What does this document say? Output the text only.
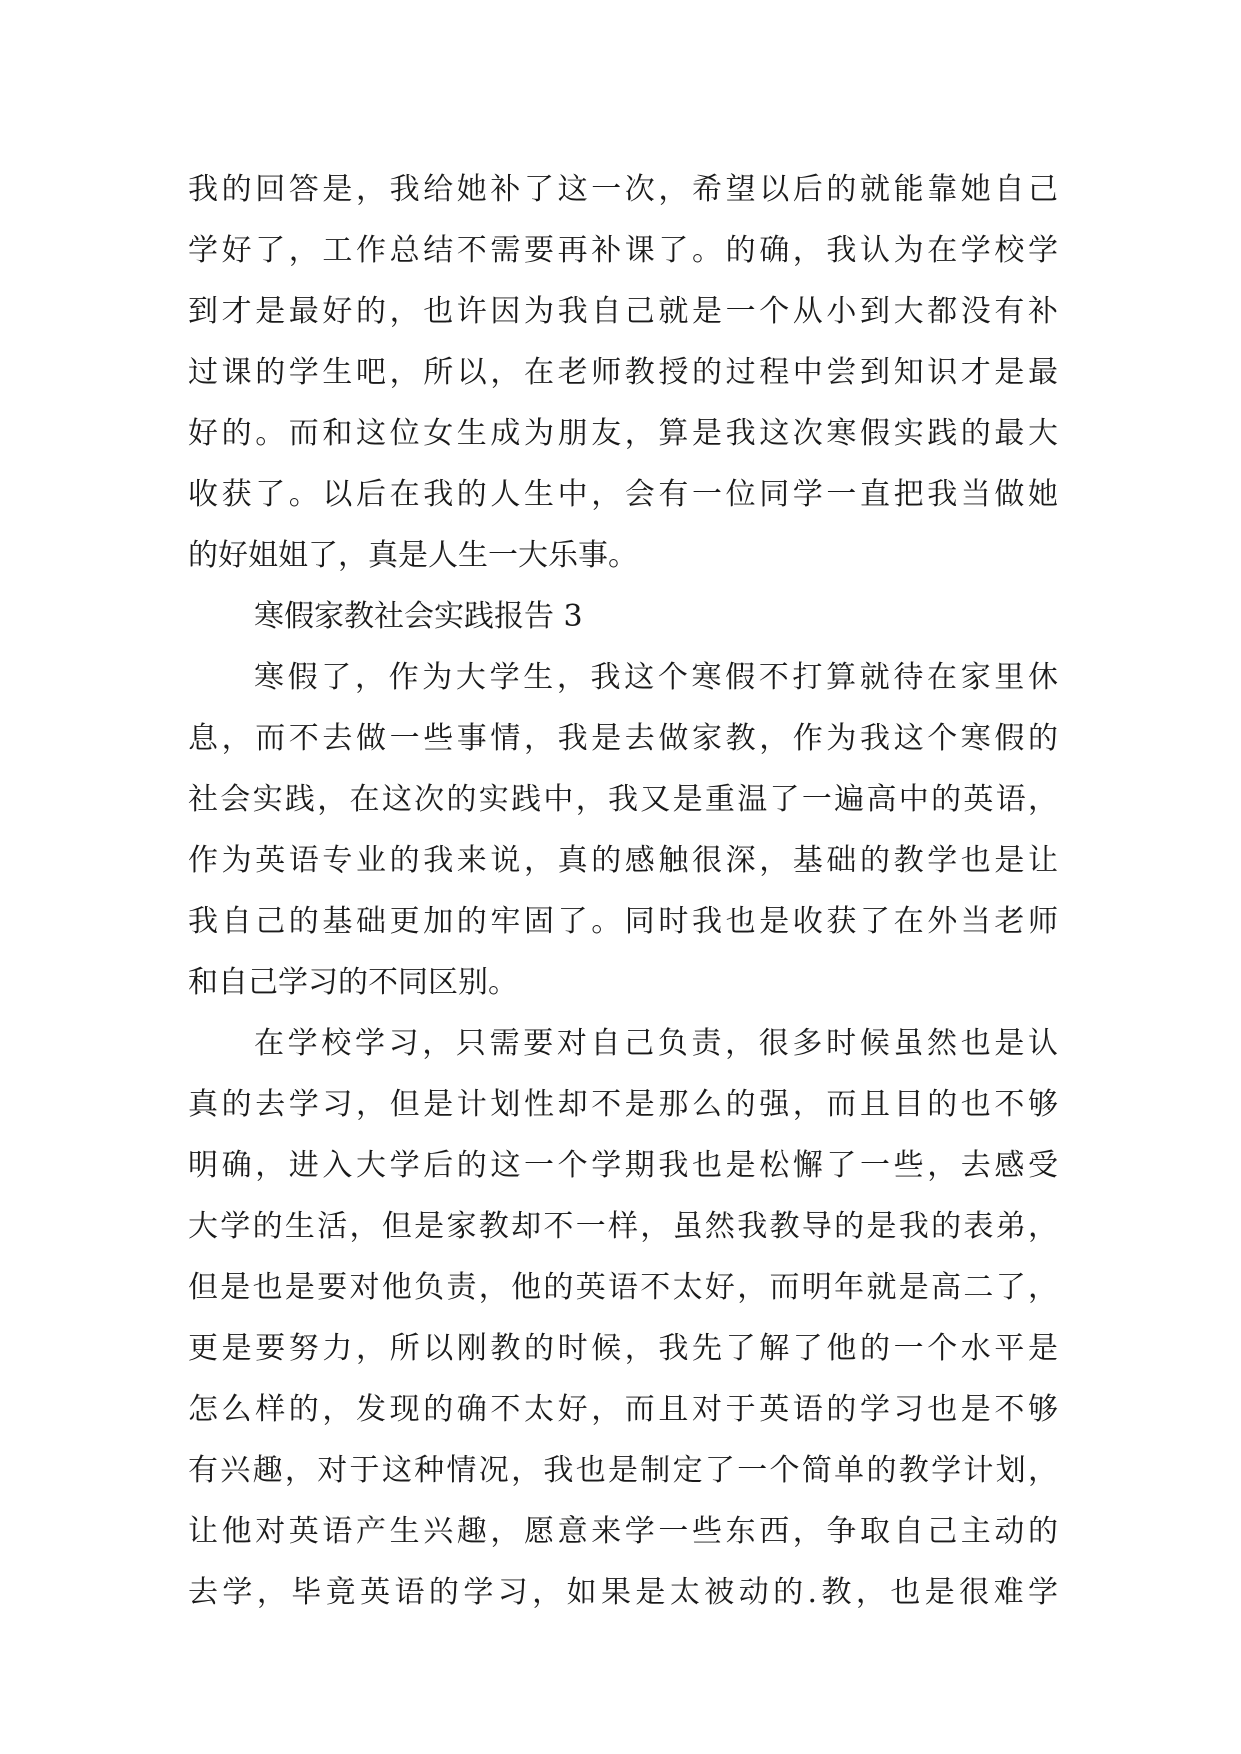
我的回答是，我给她补了这一次，希望以后的就能靠她自己
学好了，工作总结不需要再补课了。的确，我认为在学校学
到才是最好的，也许因为我自己就是一个从小到大都没有补
过课的学生吧，所以，在老师教授的过程中尝到知识才是最
好的。而和这位女生成为朋友，算是我这次寒假实践的最大
收获了。以后在我的人生中，会有一位同学一直把我当做她
的好姐姐了，真是人生一大乐事。
寒假家教社会实践报告 3
寒假了，作为大学生，我这个寒假不打算就待在家里休
息，而不去做一些事情，我是去做家教，作为我这个寒假的
社会实践，在这次的实践中，我又是重温了一遍高中的英语，
作为英语专业的我来说，真的感触很深，基础的教学也是让
我自己的基础更加的牢固了。同时我也是收获了在外当老师
和自己学习的不同区别。
在学校学习，只需要对自己负责，很多时候虽然也是认
真的去学习，但是计划性却不是那么的强，而且目的也不够
明确，进入大学后的这一个学期我也是松懈了一些，去感受
大学的生活，但是家教却不一样，虽然我教导的是我的表弟，
但是也是要对他负责，他的英语不太好，而明年就是高二了，
更是要努力，所以刚教的时候，我先了解了他的一个水平是
怎么样的，发现的确不太好，而且对于英语的学习也是不够
有兴趣，对于这种情况，我也是制定了一个简单的教学计划，
让他对英语产生兴趣，愿意来学一些东西，争取自己主动的
去学，毕竟英语的学习，如果是太被动的.教，也是很难学
